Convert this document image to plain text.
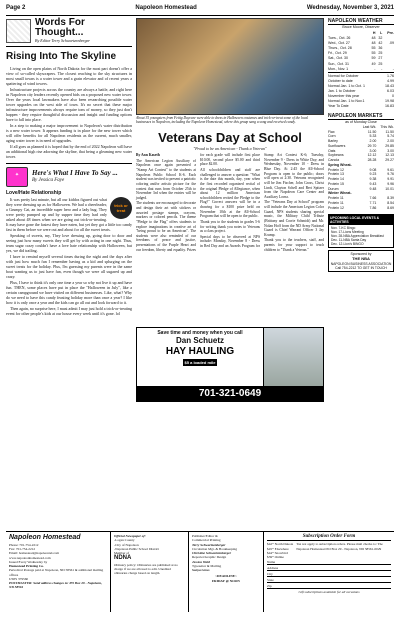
Page 2	Napoleon Homestead	Wednesday, November 3, 2021
Words For Thought...
By Editor Terry Schwartzenberger
Rising Into The Skyline

Living on the open plains of North Dakota for the most part doesn't offer a view of so-called skyscrapers. The closest reaching to the sky structures in most small towns is a water tower and a grain elevator and of recent years a spattering of wind towers.

Infrastructure projects across the country are always a battle, and right here in Napoleon city leaders recently opened bids on a proposed new water tower. Over the years local lawmakers have also been researching possible water tower upgrades on the west side of town. It's no secret that these major infrastructure improvements always require tons of money, so they just don't happen - they require thoughtful discussion and insight and funding options have to fall into place.

In a step to making a major improvement to Napoleon's water distribution is a new water tower. It appears funding is in place for the new tower which will offer benefits for all Napoleon residents as the current, much smaller, aging water tower is in need of upgrades.

If all goes as planned it is hoped that by the end of 2022 Napoleon will have an additional high rise adorning the skyline, that being a gleaming new water tower.

✦	Here's What I Have To Say ...
By Jessica Faye
Love/Hate Relationship
trick or treat

It was pretty last minute, but all our kiddos figured out what they were dressing up as for Halloween. We had a cheerleader, a Grumpy Cat, an incredible super hero and a lady bug. They were pretty pumped up and by supper time they had only asked about 48 times when we are going out trick-or-treating. It may have gone the fastest they have eaten, but yet they got a little too candy fast in them before we were out and about for all the sweet treats.

Speaking of sweets, my, They love dressing up, going door to door and seeing just how many sweets they will get by with acting in one night. Thus, team sugar crazy couldn't have a love hate relationship with Halloween, but yes, we did trailing.

I have to remind myself several times during the night and the days after with just how much fun I remember having as a kid and splurging on the sweet treats for the holiday. Plus, I'm guessing my parents were in the same boat wanting us to just have fun, even though we were all sugared up and crazy.

Plus, I have to think it's only one time a year so why not live it up and have fun. THEN, some places have put in place the "Halloween in July", like a certain campground we have visited on different businesses. Like, what? Why do we need to have this candy feasting holiday more than once a year? I like how it is only once a year and the kids can go all out and look forward to it.

Then again, no surprise here, I must admit I may just hold a trick-or-treating event for other people's kids at our house every week until it's gone. lol

About 35 youngsters from Fettig Daycare were able to dress in Halloween costumes and trick-or-treat some of the local businesses in Napoleon, including the Napoleon Homestead, where this group sang a song and received candy.
Veterans Day at School
"Proud to be an American - Thank a Veteran"

By Ann Kaseth

The American Legion Auxiliary of Napoleon once again presented a "Stamp Art Contest" to the students at Napoleon Public School K-6. Each student was invited to present a patriotic coloring and/or artistic picture for the contest that runs from October 25th to November 3rd when the entries will be judged.

The students are encouraged to decorate and design their art with stickers or assorted postage stamps, crayons, markers or colored pencils. The theme "Pledge to the Flag" offers students to explore imaginations in creative art of "being proud to be an American". The students were also reminded of our freedoms of peace and justice, presentations of the Purple Heart and our freedom, liberty and equality. Prizes for each grade will include first place $10.00, second place $5.00 and third place $2.00.

All schoolchildren and staff are challenged to answer a question: "What is the date this month, day, year when the first recorded organized recital of the original Pledge of Allegiance, when about 12 million American schoolchildren recited the Pledge to the Flag?" Correct answers will be in a drawing for a $100 prize held on November 10th at the All-School Program that will be open to the public.

Thank you to the students in grades 5-6 for writing thank you notes to Veterans as a class project.

Special days to be observed at NPS include: Monday, November 8 - Dress in Red Day and an Awards Program for Stamp Art Contest K-6; Tuesday, November 9 - Dress in White Day; and Wednesday, November 10 - Dress in Blue Day. At 2:45 the All-School Program is open to the public; doors will open at 2:30. Veterans recognized will be Jim Fischer, John Gross, Christ Lindt, Clayton Schell and Bert Spitzer from the Napoleon Care Center and Auxiliary Lorna.

The "Veterans Day at School" program will include the American Legion Color Guard, NPS students sharing special music, the Military Child Tribute (Brittany and Corrie Schmidt) and Mr. Nolan Hoff from the ND Army National Guard is Chief Warrant Officer 3 Jay Krump.

Thank you to the teachers, staff, and parents for your support to teach children to "Thank a Veteran."

Save time and money when you call
Dan Schuetz
HAY HAULING
$5 a loaded mile
701-321-0649
NAPOLEON WEATHER
Bruce Moore, Observer
	H	L	Pre.
Tues., Oct. 26	48	32	
Wed., Oct. 27	48	42	.09
Thurs., Oct. 28	55	36	
Fri., Oct. 29	55	25	
Sat., Oct. 30	59	27	
Sun., Oct. 31	49	25	
Mon., Nov. 1	-	-	-
Normal for October	1.76
October to date	4.99
Normal Jan. 1 to Oct. 1	18.43
Jan. 1 to October	6.03
November this year	0
Normal Jan. 1 to Nov.1	19.98
Year To Date	16.83
NAPOLEON MARKETS
as of Monday Close
	Last Wk.	This Wk.
Flax	11.50	11.50
Corn	5.33	5.74
Barley	2.00	2.00
Sunflowers	29.70	29.85
Oats	3.00	3.00
Soybeans	12.12	12.13
Canola	28.28	29.27
Spring Wheat-		
Protein 12	9.08	9.61
Protein 13	9.23	9.76
Protein 14	9.38	9.91
Protein 15	9.43	9.96
Durum	9.48	10.01
Winter Wheat-		
Protein 11	7.66	8.39
Protein 11	7.71	8.54
Protein 12	7.86	8.69
UPCOMING LOCAL EVENTS & ACTIVITIES
Nov. 7-KC Bingo
Nov. 17-Lions Meeting
Nov. 28-NBA Appreciation Breakfast
Dec. 11-NBA Santa Day
Dec. 12-Lion's BINGO
Sponsored by
THE NBA
NAPOLEON BUSINESS ASSOCIATION
Call 754-2212 TO GET IN TOUCH
Napoleon Homestead
Phone: 701-754-2212
Fax: 701-754-2212
Email: homestead@napoleonnd.com
www.napoleonhomestead.com
Issued Every Wednesday by
Homestead Printing Co.
Periodical Postage paid at Napoleon, ND 58561 & additional mailing offices
USPS 379560
POSTMASTER: Send address changes to: PO Box 29 - Napoleon, ND 58561
Official Newspaper of:
-Logan County
-City of Napoleon
-Napoleon Public School District
Member of
NDNA
Obituary policy: Obituaries are published at no charge if we are allowed to edit. Unedited obituaries charge based on length.
Publisher/Editor &
Commercial Printing
Terry Schwartzenberger
Circulation Mgr. & Bookkeeping
Christine Schwartzenberger
Reporter/Graphic Design
Jessica Wald
Typesetter & Mailing
Sonya Gross
~DEADLINE~
FRIDAY @ NOON
Subscription Order Form
$42* North Dakota
$45* Elsewhere
$44* Snowbird
$39* Online
Tax not apply to subscription orders. Please mail checks to: The Napoleon Homestead PO Box 29 - Napoleon, ND 58561-0029
Name
Address
City
State
Zip
Gift subscriptions available for all occasions
